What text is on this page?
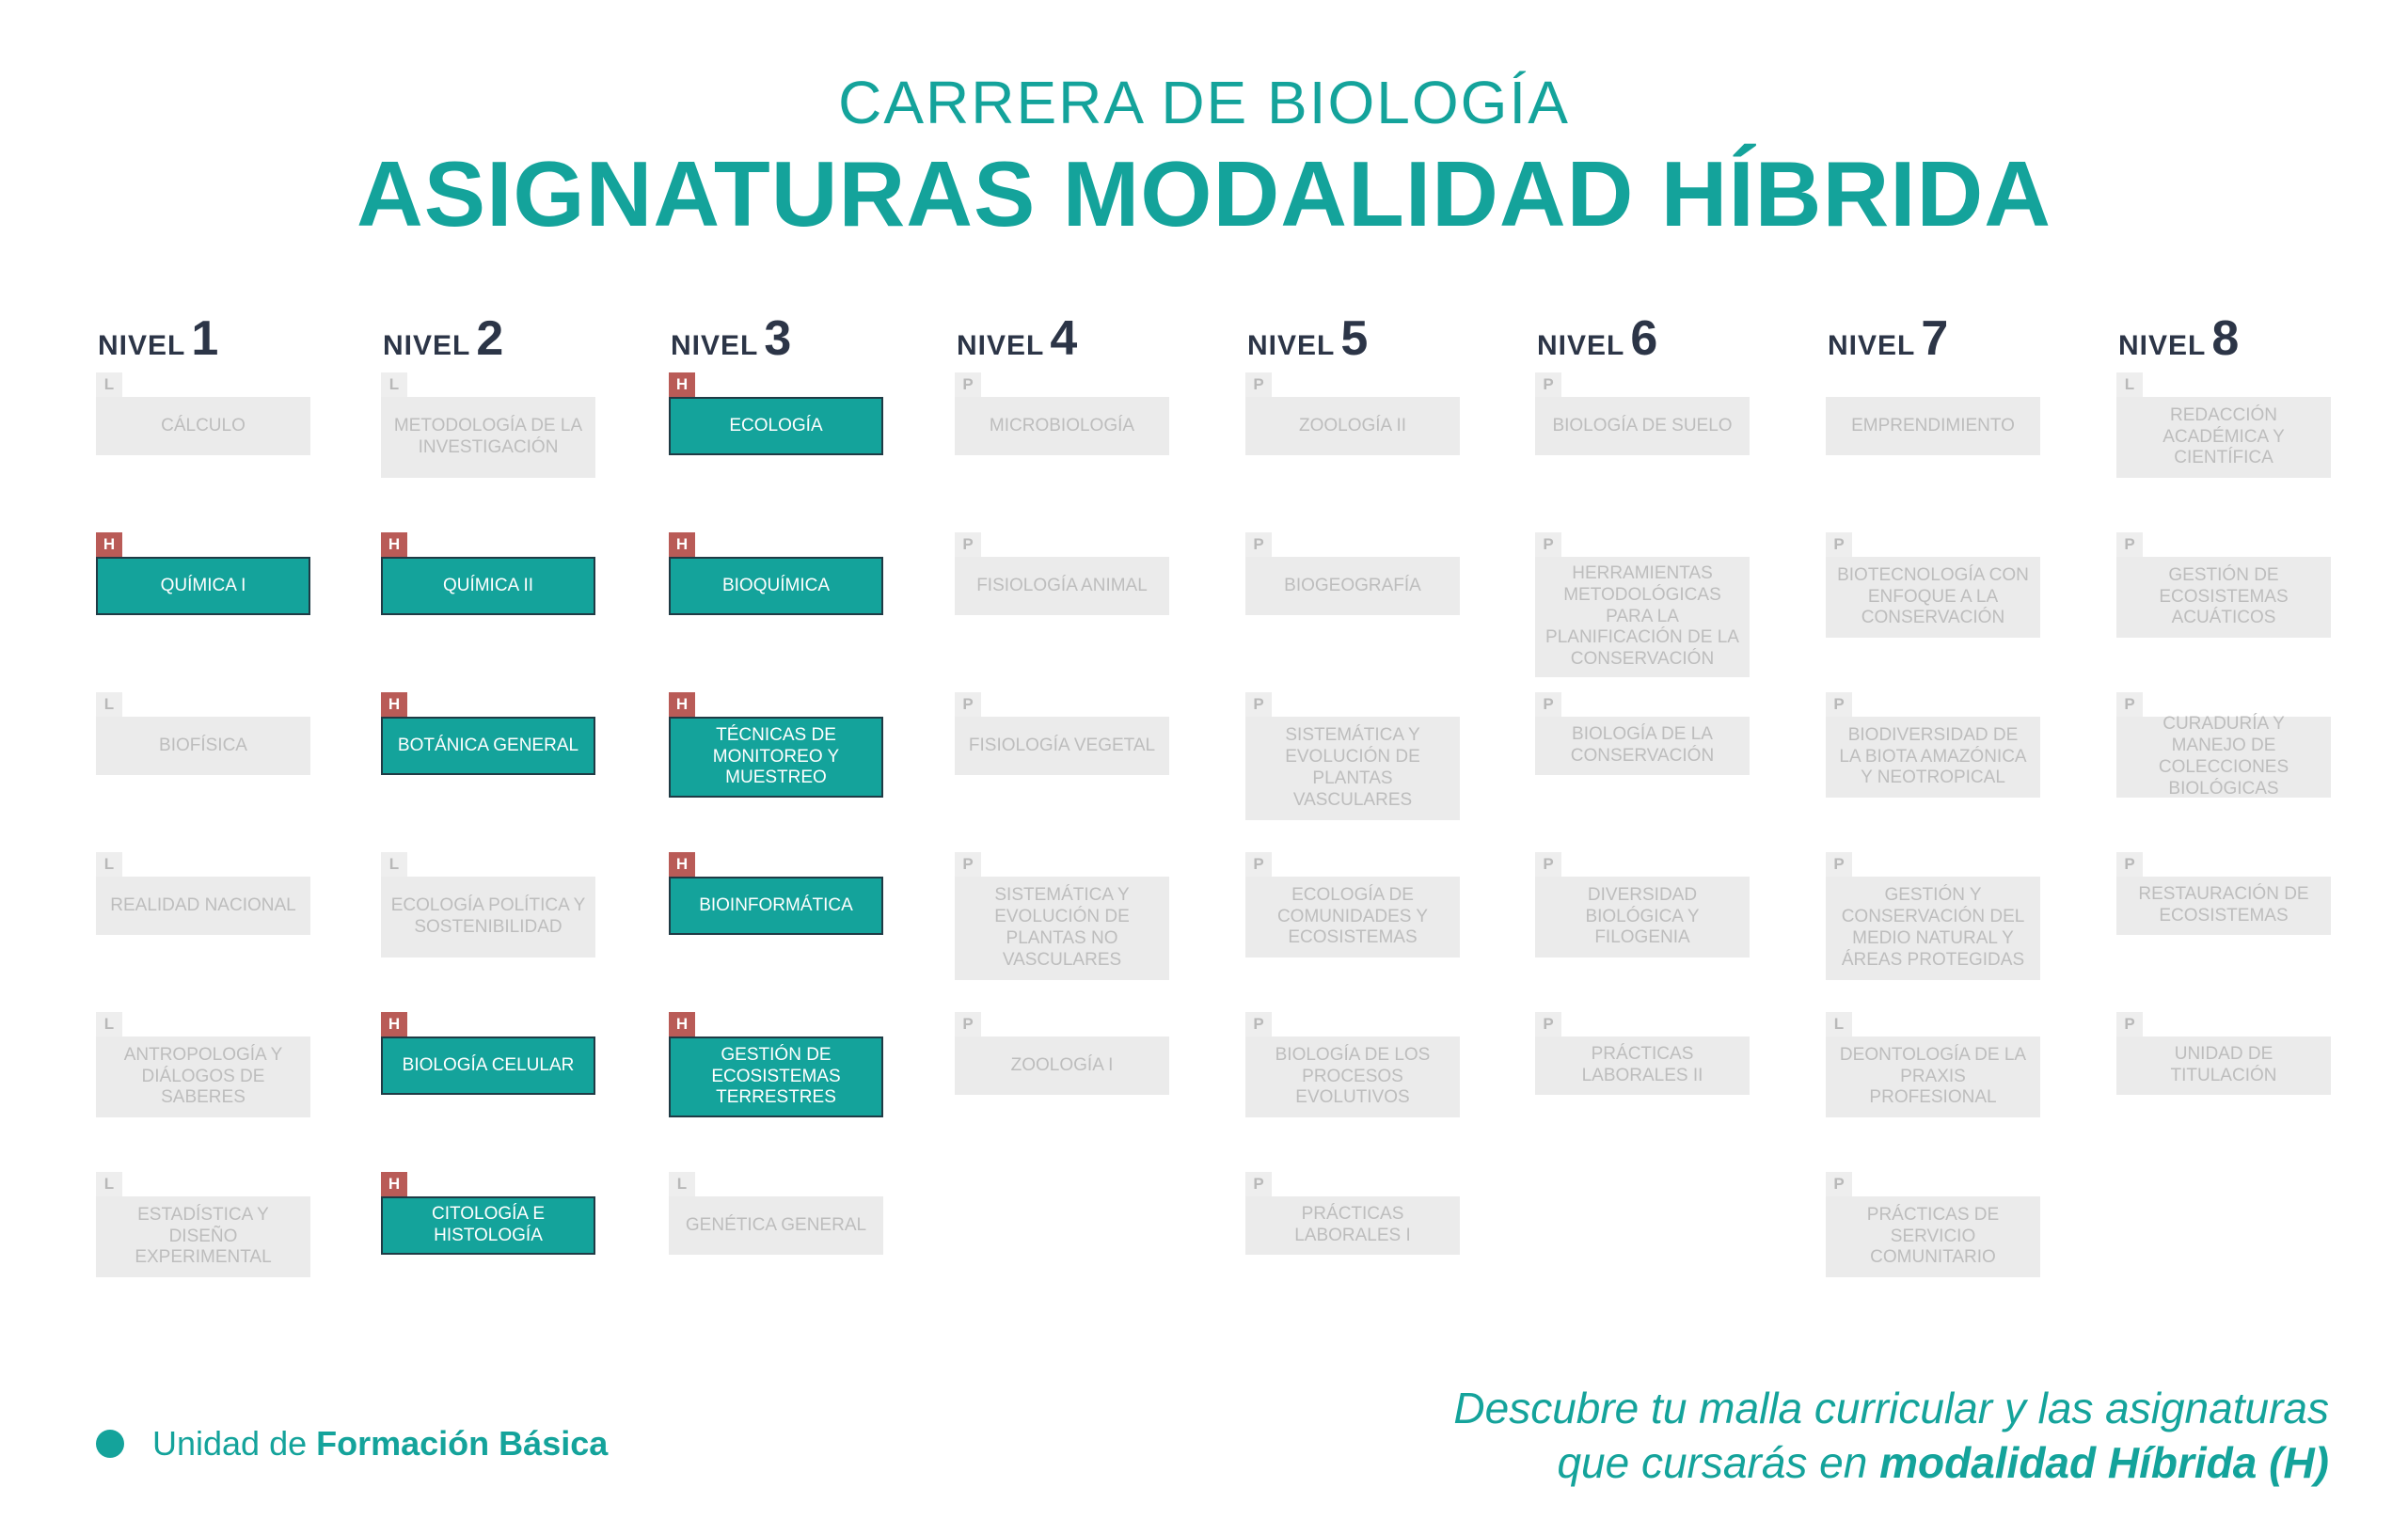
CARRERA DE BIOLOGÍA
ASIGNATURAS MODALIDAD HÍBRIDA
NIVEL 1
L
CÁLCULO
H
QUÍMICA I
L
BIOFÍSICA
L
REALIDAD NACIONAL
L
ANTROPOLOGÍA Y DIÁLOGOS DE SABERES
L
ESTADÍSTICA Y DISEÑO EXPERIMENTAL
NIVEL 2
L
METODOLOGÍA DE LA INVESTIGACIÓN
H
QUÍMICA II
H
BOTÁNICA GENERAL
L
ECOLOGÍA POLÍTICA Y SOSTENIBILIDAD
H
BIOLOGÍA CELULAR
H
CITOLOGÍA E HISTOLOGÍA
NIVEL 3
H
ECOLOGÍA
H
BIOQUÍMICA
H
TÉCNICAS DE MONITOREO Y MUESTREO
H
BIOINFORMÁTICA
H
GESTIÓN DE ECOSISTEMAS TERRESTRES
L
GENÉTICA GENERAL
NIVEL 4
P
MICROBIOLOGÍA
P
FISIOLOGÍA ANIMAL
P
FISIOLOGÍA VEGETAL
P
SISTEMÁTICA Y EVOLUCIÓN DE PLANTAS NO VASCULARES
P
ZOOLOGÍA I
NIVEL 5
P
ZOOLOGÍA II
P
BIOGEOGRAFÍA
P
SISTEMÁTICA Y EVOLUCIÓN DE PLANTAS VASCULARES
P
ECOLOGÍA DE COMUNIDADES Y ECOSISTEMAS
P
BIOLOGÍA DE LOS PROCESOS EVOLUTIVOS
P
PRÁCTICAS LABORALES I
NIVEL 6
P
BIOLOGÍA DE SUELO
P
HERRAMIENTAS METODOLÓGICAS PARA LA PLANIFICACIÓN DE LA CONSERVACIÓN
P
BIOLOGÍA DE LA CONSERVACIÓN
P
DIVERSIDAD BIOLÓGICA Y FILOGENIA
P
PRÁCTICAS LABORALES II
NIVEL 7
EMPRENDIMIENTO
P
BIOTECNOLOGÍA CON ENFOQUE A LA CONSERVACIÓN
P
BIODIVERSIDAD DE LA BIOTA AMAZÓNICA Y NEOTROPICAL
P
GESTIÓN Y CONSERVACIÓN DEL MEDIO NATURAL Y ÁREAS PROTEGIDAS
L
DEONTOLOGÍA DE LA PRAXIS PROFESIONAL
P
PRÁCTICAS DE SERVICIO COMUNITARIO
NIVEL 8
L
REDACCIÓN ACADÉMICA Y CIENTÍFICA
P
GESTIÓN DE ECOSISTEMAS ACUÁTICOS
P
CURADURÍA Y MANEJO DE COLECCIONES BIOLÓGICAS
P
RESTAURACIÓN DE ECOSISTEMAS
P
UNIDAD DE TITULACIÓN
Unidad de Formación Básica
Descubre tu malla curricular y las asignaturas
que cursarás en modalidad Híbrida (H)
